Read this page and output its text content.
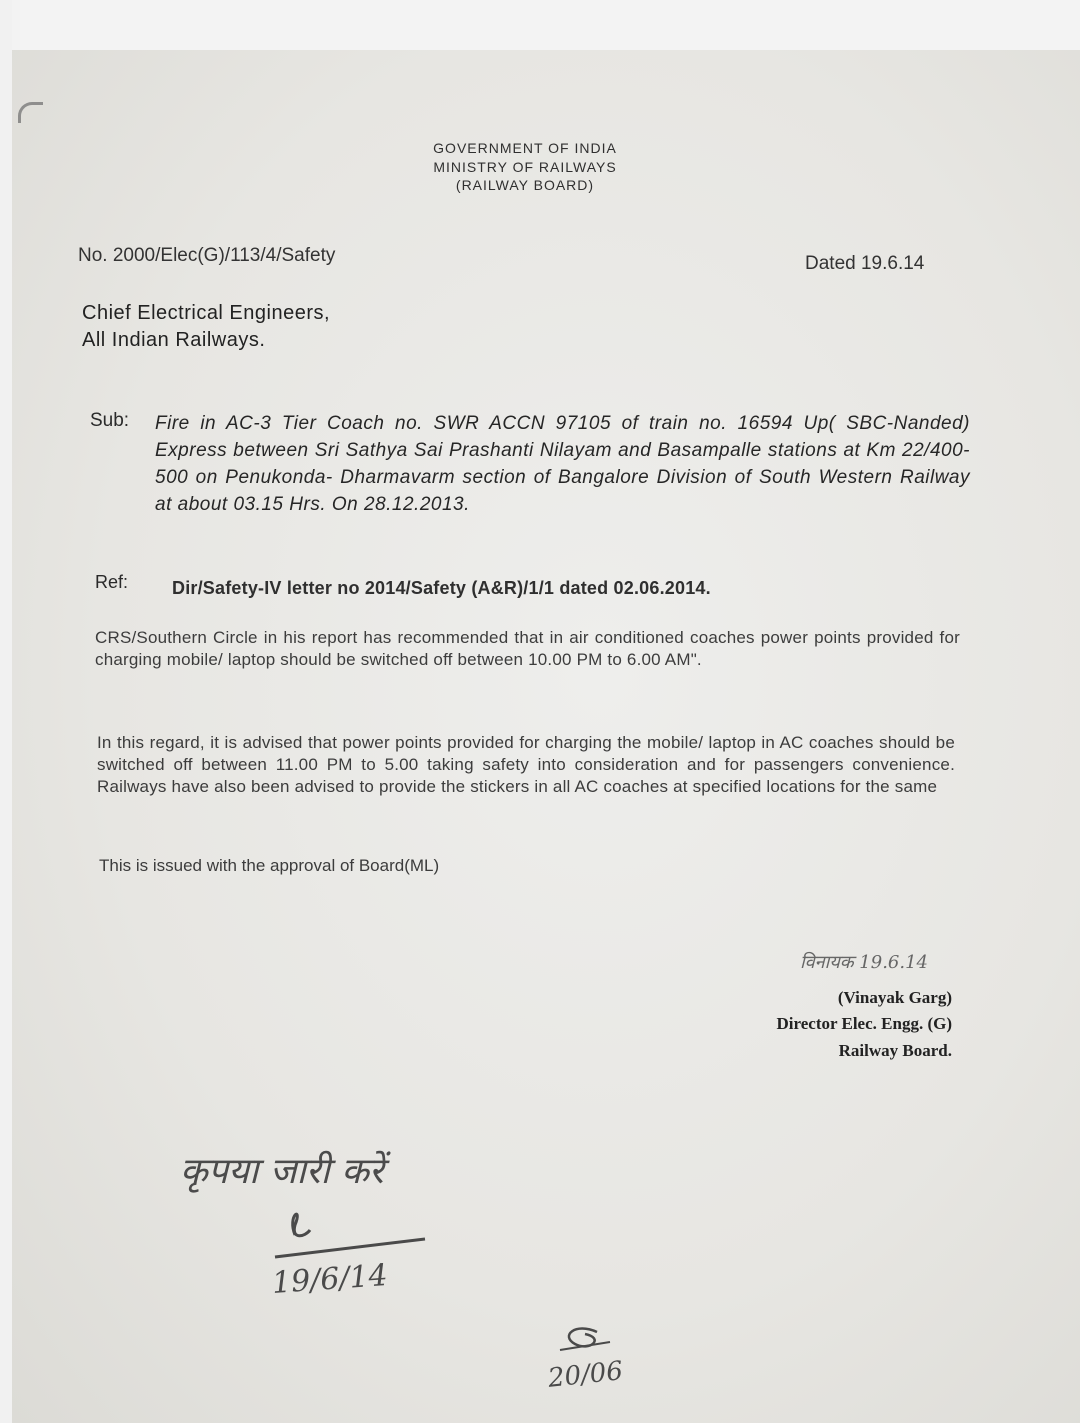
GOVERNMENT OF INDIA

MINISTRY OF RAILWAYS

(RAILWAY BOARD)

No. 2000/Elec(G)/113/4/Safety	Dated 19.6.14

Chief Electrical Engineers,
All Indian Railways.

Sub: Fire in AC-3 Tier Coach no. SWR ACCN 97105 of train no. 16594 Up( SBC-Nanded) Express between Sri Sathya Sai Prashanti Nilayam and Basampalle stations at Km 22/400-500 on Penukonda- Dharmavarm section of Bangalore Division of South Western Railway at about 03.15 Hrs. On 28.12.2013.

Ref: Dir/Safety-IV letter no 2014/Safety (A&R)/1/1 dated 02.06.2014.

CRS/Southern Circle in his report has recommended that in air conditioned coaches power points provided for charging mobile/ laptop should be switched off between 10.00 PM to 6.00 AM".

In this regard, it is advised that power points provided for charging the mobile/ laptop in AC coaches should be switched off between 11.00 PM to 5.00 taking safety into consideration and for passengers convenience. Railways have also been advised to provide the stickers in all AC coaches at specified locations for the same

This is issued with the approval of Board(ML)

विनायक 19.6.14

(Vinayak Garg)

Director Elec. Engg. (G)

Railway Board.

कृपया जारी करें

19/6/14

20/06
